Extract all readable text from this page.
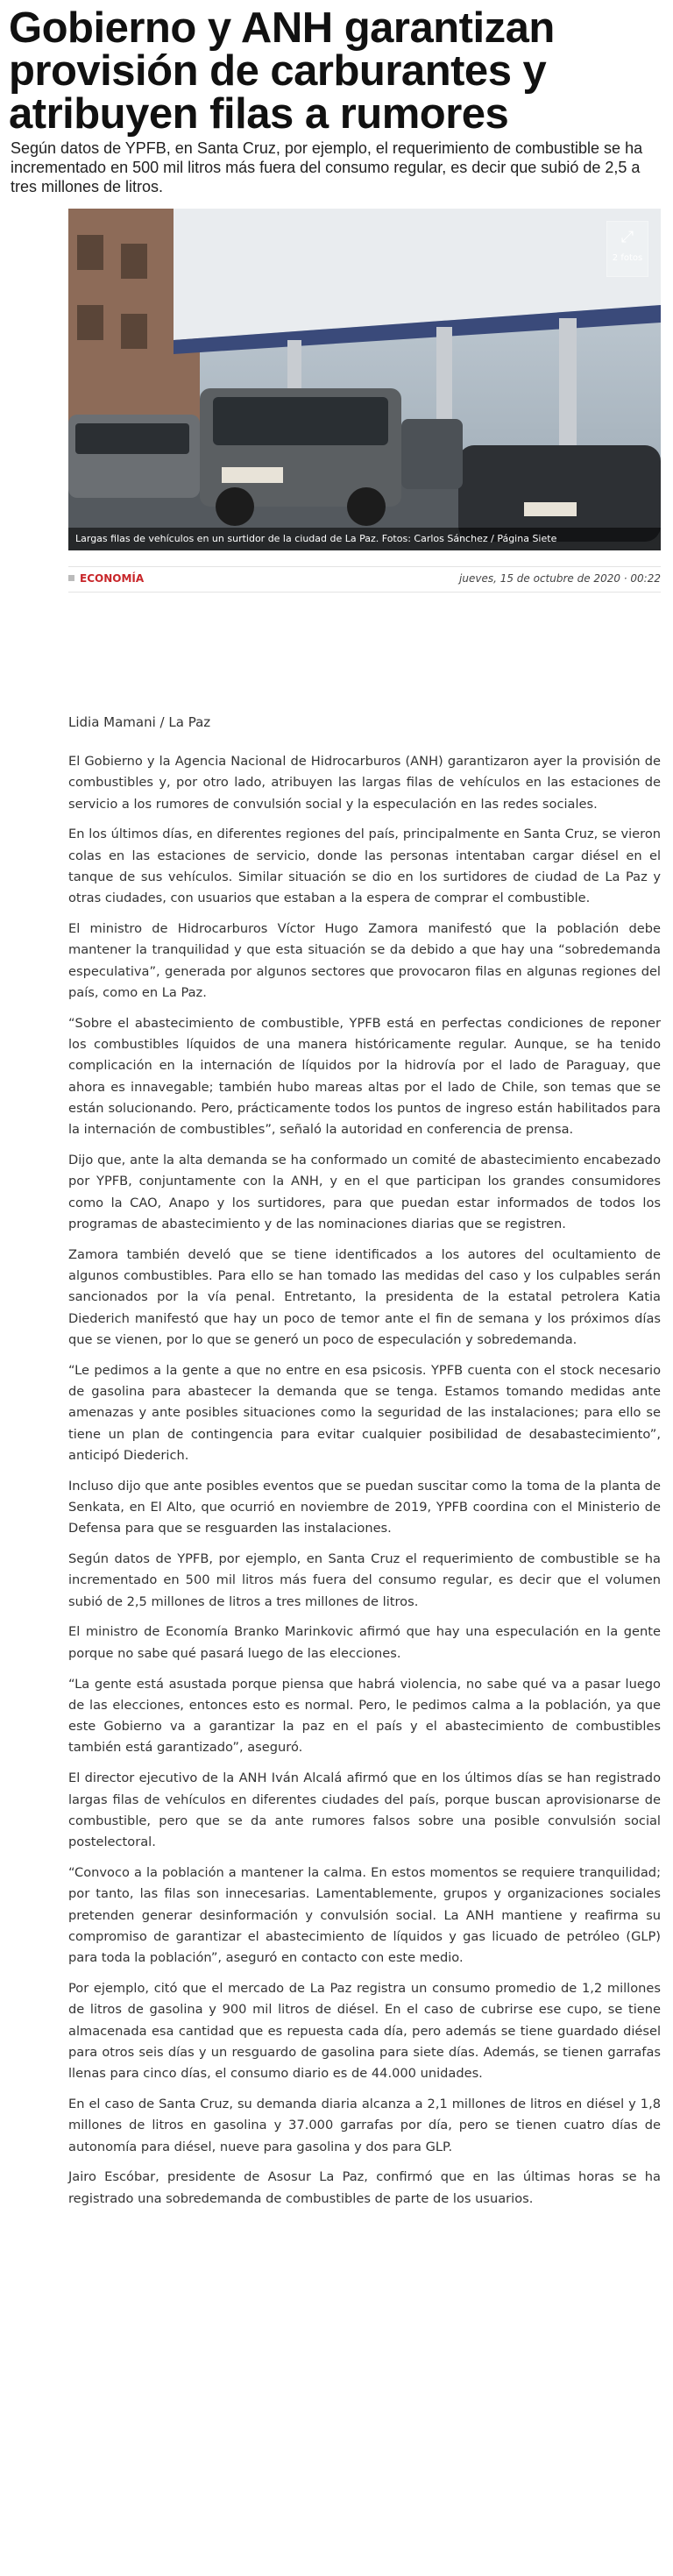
Gobierno y ANH garantizan provisión de carburantes y atribuyen filas a rumores

Según datos de YPFB, en Santa Cruz, por ejemplo, el requerimiento de combustible se ha incrementado en 500 mil litros más fuera del consumo regular, es decir que subió de 2,5 a tres millones de litros.

⤢
2 fotos
Largas filas de vehículos en un surtidor de la ciudad de La Paz. Fotos: Carlos Sánchez / Página Siete
ECONOMÍA	jueves, 15 de octubre de 2020 · 00:22
Lidia Mamani / La Paz

El Gobierno y la Agencia Nacional de Hidrocarburos (ANH) garantizaron ayer la provisión de combustibles y, por otro lado, atribuyen las largas filas de vehículos en las estaciones de servicio a los rumores de convulsión social y la especulación en las redes sociales.

En los últimos días, en diferentes regiones del país, principalmente en Santa Cruz, se vieron colas en las estaciones de servicio, donde las personas intentaban cargar diésel en el tanque de sus vehículos. Similar situación se dio en los surtidores de ciudad de La Paz y otras ciudades, con usuarios que estaban a la espera de comprar el combustible.

El ministro de Hidrocarburos Víctor Hugo Zamora manifestó que la población debe mantener la tranquilidad y que esta situación se da debido a que hay una “sobredemanda especulativa”, generada por algunos sectores que provocaron filas en algunas regiones del país, como en La Paz.

“Sobre el abastecimiento de combustible, YPFB está en perfectas condiciones de reponer los combustibles líquidos de una manera históricamente regular. Aunque, se ha tenido complicación en la internación de líquidos por la hidrovía por el lado de Paraguay, que ahora es innavegable; también hubo mareas altas por el lado de Chile, son temas que se están solucionando. Pero, prácticamente todos los puntos de ingreso están habilitados para la internación de combustibles”, señaló la autoridad en conferencia de prensa.

Dijo que, ante la alta demanda se ha conformado un comité de abastecimiento encabezado por YPFB, conjuntamente con la ANH, y en el que participan los grandes consumidores como la CAO, Anapo y los surtidores, para que puedan estar informados de todos los programas de abastecimiento y de las nominaciones diarias que se registren.

Zamora también develó que se tiene identificados a los autores del ocultamiento de algunos combustibles. Para ello se han tomado las medidas del caso y los culpables serán sancionados por la vía penal. Entretanto, la presidenta de la estatal petrolera Katia Diederich manifestó que hay un poco de temor ante el fin de semana y los próximos días que se vienen, por lo que se generó un poco de especulación y sobredemanda.

“Le pedimos a la gente a que no entre en esa psicosis. YPFB cuenta con el stock necesario de gasolina para abastecer la demanda que se tenga. Estamos tomando medidas ante amenazas y ante posibles situaciones como la seguridad de las instalaciones; para ello se tiene un plan de contingencia para evitar cualquier posibilidad de desabastecimiento”, anticipó Diederich.

Incluso dijo que ante posibles eventos que se puedan suscitar como la toma de la planta de Senkata, en El Alto, que ocurrió en noviembre de 2019, YPFB coordina con el Ministerio de Defensa para que se resguarden las instalaciones.

Según datos de YPFB, por ejemplo, en Santa Cruz el requerimiento de combustible se ha incrementado en 500 mil litros más fuera del consumo regular, es decir que el volumen subió de 2,5 millones de litros a tres millones de litros.

El ministro de Economía Branko Marinkovic afirmó que hay una especulación en la gente porque no sabe qué pasará luego de las elecciones.

“La gente está asustada porque piensa que habrá violencia, no sabe qué va a pasar luego de las elecciones, entonces esto es normal. Pero, le pedimos calma a la población, ya que este Gobierno va a garantizar la paz en el país y el abastecimiento de combustibles también está garantizado”, aseguró.

El director ejecutivo de la ANH Iván Alcalá afirmó que en los últimos días se han registrado largas filas de vehículos en diferentes ciudades del país, porque buscan aprovisionarse de combustible, pero que se da ante rumores falsos sobre una posible convulsión social postelectoral.

“Convoco a la población a mantener la calma. En estos momentos se requiere tranquilidad; por tanto, las filas son innecesarias. Lamentablemente, grupos y organizaciones sociales pretenden generar desinformación y convulsión social. La ANH mantiene y reafirma su compromiso de garantizar el abastecimiento de líquidos y gas licuado de petróleo (GLP) para toda la población”, aseguró en contacto con este medio.

Por ejemplo, citó que el mercado de La Paz registra un consumo promedio de 1,2 millones de litros de gasolina y 900 mil litros de diésel. En el caso de cubrirse ese cupo, se tiene almacenada esa cantidad que es repuesta cada día, pero además se tiene guardado diésel para otros seis días y un resguardo de gasolina para siete días. Además, se tienen garrafas llenas para cinco días, el consumo diario es de 44.000 unidades.

En el caso de Santa Cruz, su demanda diaria alcanza a 2,1 millones de litros en diésel y 1,8 millones de litros en gasolina y 37.000 garrafas por día, pero se tienen cuatro días de autonomía para diésel, nueve para gasolina y dos para GLP.

Jairo Escóbar, presidente de Asosur La Paz, confirmó que en las últimas horas se ha registrado una sobredemanda de combustibles de parte de los usuarios.
